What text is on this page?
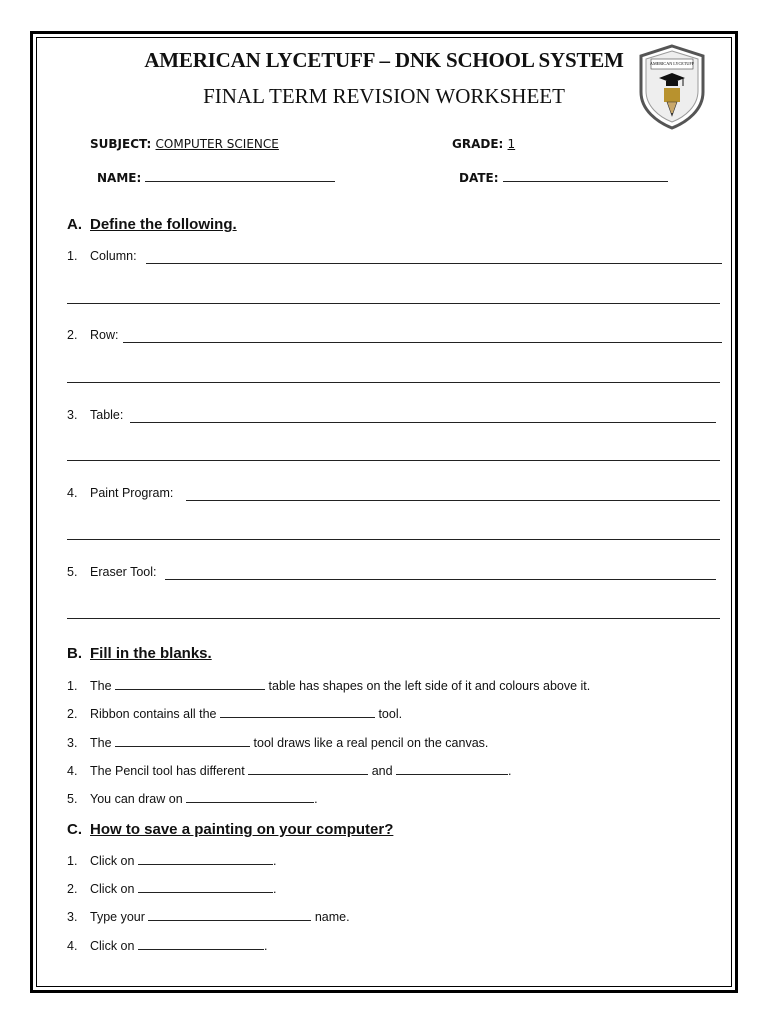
AMERICAN LYCETUFF – DNK SCHOOL SYSTEM
FINAL TERM REVISION WORKSHEET
AMERICAN LYCETUFF
SUBJECT: COMPUTER SCIENCE	GRADE: 1
NAME:	DATE:
A. Define the following.
1. Column:
2. Row:
3. Table:
4. Paint Program:
5. Eraser Tool:
B. Fill in the blanks.
1. The	table has shapes on the left side of it and colours above it.
2. Ribbon contains all the	tool.
3. The	tool draws like a real pencil on the canvas.
4. The Pencil tool has different	and	.
5. You can draw on	.
C. How to save a painting on your computer?
1. Click on	.
2. Click on	.
3. Type your	name.
4. Click on	.
